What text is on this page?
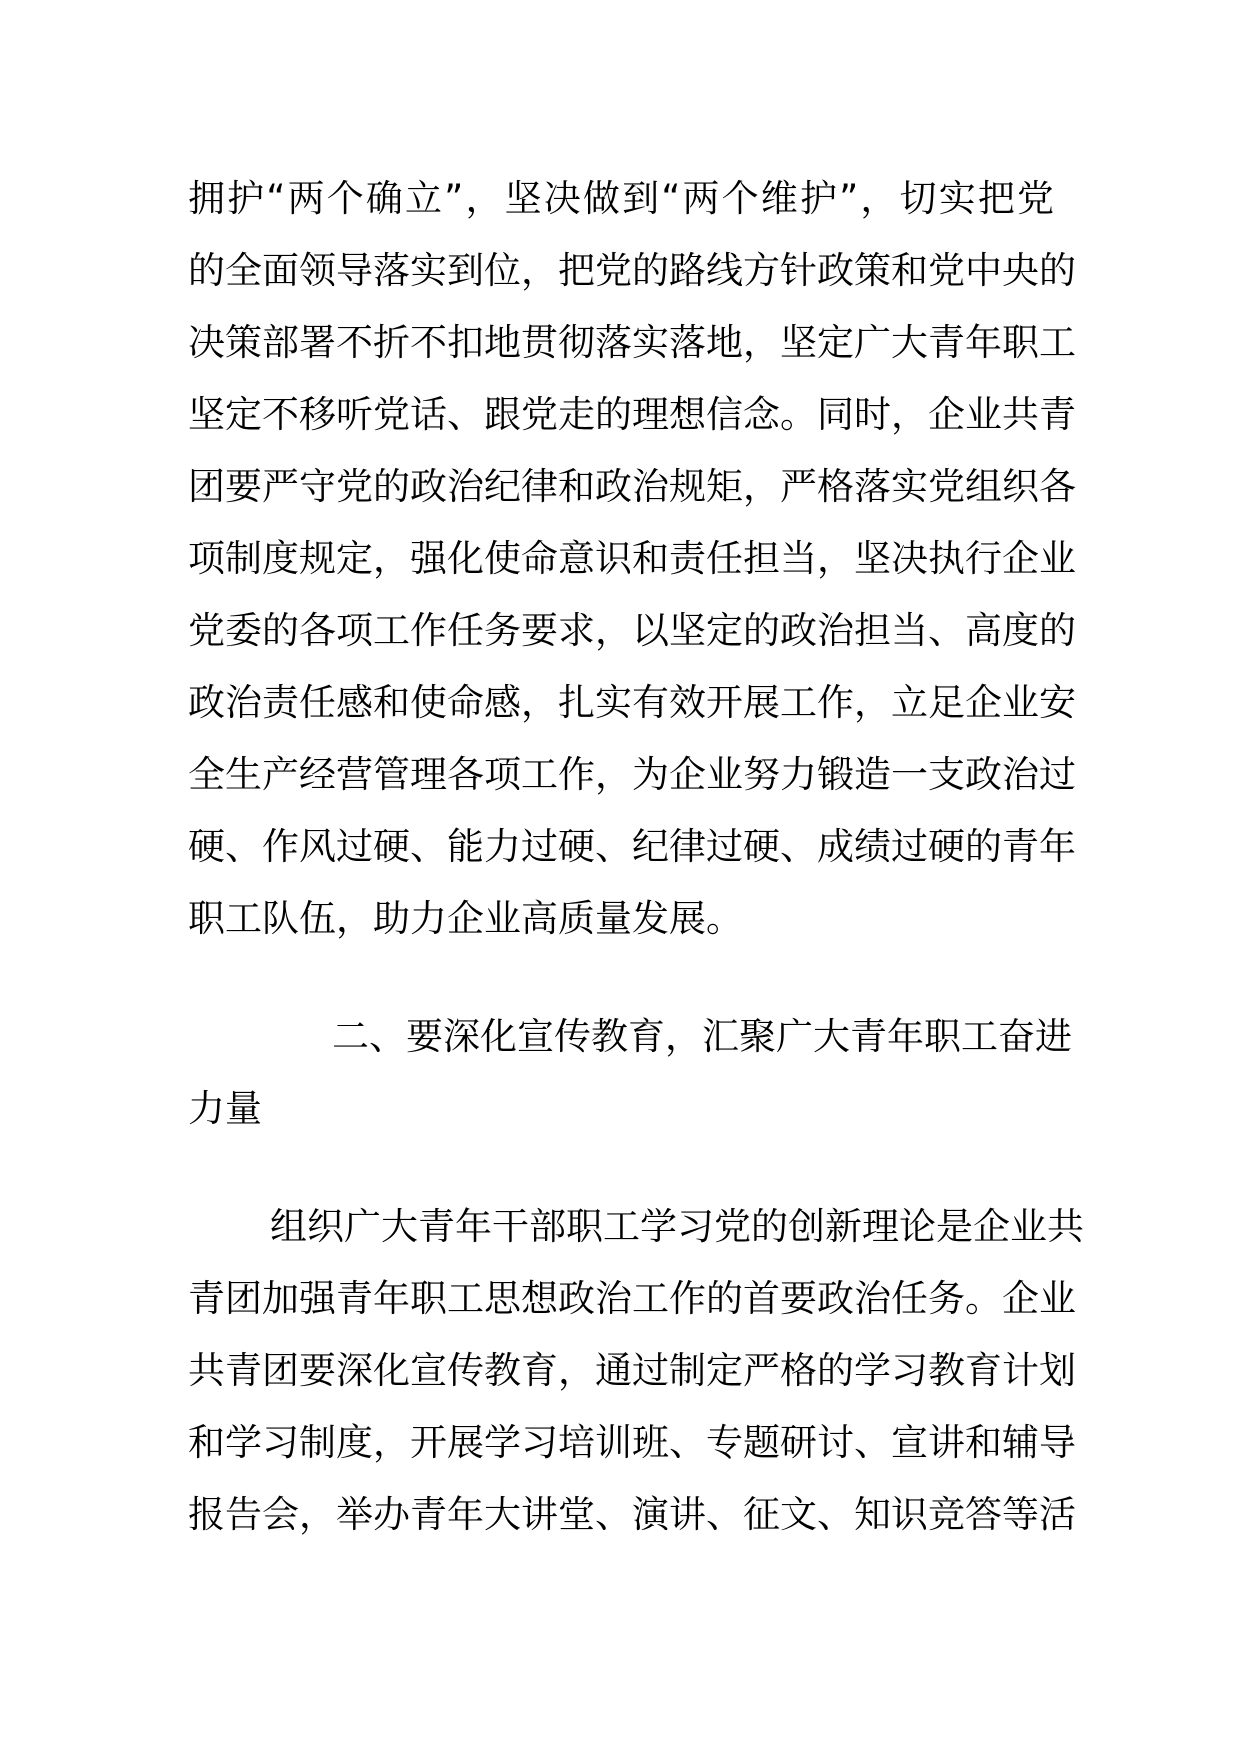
拥护“两个确立”，坚决做到“两个维护”，切实把党
的全面领导落实到位，把党的路线方针政策和党中央的
决策部署不折不扣地贯彻落实落地，坚定广大青年职工
坚定不移听党话、跟党走的理想信念。同时，企业共青
团要严守党的政治纪律和政治规矩，严格落实党组织各
项制度规定，强化使命意识和责任担当，坚决执行企业
党委的各项工作任务要求，以坚定的政治担当、高度的
政治责任感和使命感，扎实有效开展工作，立足企业安
全生产经营管理各项工作，为企业努力锻造一支政治过
硬、作风过硬、能力过硬、纪律过硬、成绩过硬的青年
职工队伍，助力企业高质量发展。
二、要深化宣传教育，汇聚广大青年职工奋进
力量
组织广大青年干部职工学习党的创新理论是企业共
青团加强青年职工思想政治工作的首要政治任务。企业
共青团要深化宣传教育，通过制定严格的学习教育计划
和学习制度，开展学习培训班、专题研讨、宣讲和辅导
报告会，举办青年大讲堂、演讲、征文、知识竞答等活
